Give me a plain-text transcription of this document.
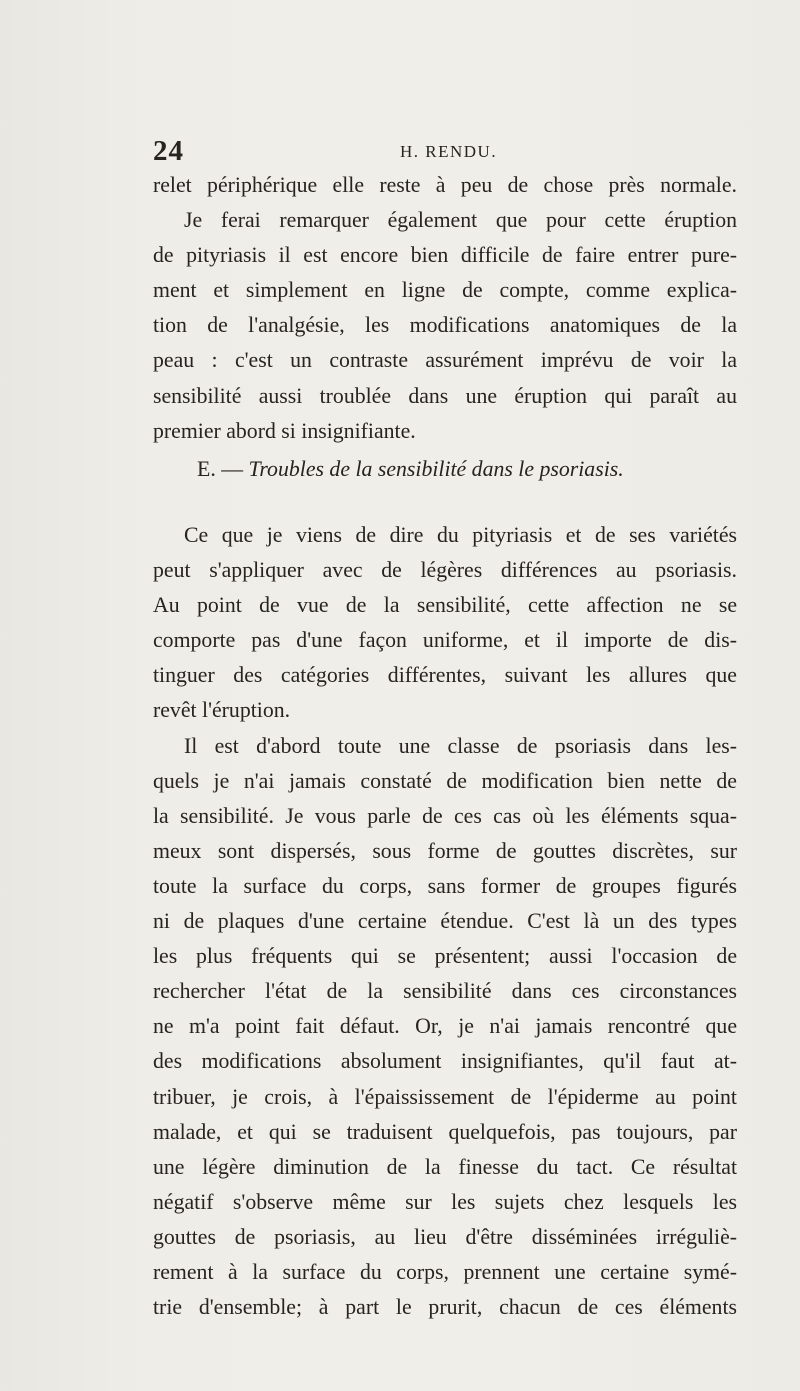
24	H. RENDU.
relet périphérique elle reste à peu de chose près normale.
Je ferai remarquer également que pour cette éruption
de pityriasis il est encore bien difficile de faire entrer pure-
ment et simplement en ligne de compte, comme explica-
tion de l'analgésie, les modifications anatomiques de la
peau : c'est un contraste assurément imprévu de voir la
sensibilité aussi troublée dans une éruption qui paraît au
premier abord si insignifiante.
E. — Troubles de la sensibilité dans le psoriasis.
Ce que je viens de dire du pityriasis et de ses variétés
peut s'appliquer avec de légères différences au psoriasis.
Au point de vue de la sensibilité, cette affection ne se
comporte pas d'une façon uniforme, et il importe de dis-
tinguer des catégories différentes, suivant les allures que
revêt l'éruption.
Il est d'abord toute une classe de psoriasis dans les-
quels je n'ai jamais constaté de modification bien nette de
la sensibilité. Je vous parle de ces cas où les éléments squa-
meux sont dispersés, sous forme de gouttes discrètes, sur
toute la surface du corps, sans former de groupes figurés
ni de plaques d'une certaine étendue. C'est là un des types
les plus fréquents qui se présentent; aussi l'occasion de
rechercher l'état de la sensibilité dans ces circonstances
ne m'a point fait défaut. Or, je n'ai jamais rencontré que
des modifications absolument insignifiantes, qu'il faut at-
tribuer, je crois, à l'épaississement de l'épiderme au point
malade, et qui se traduisent quelquefois, pas toujours, par
une légère diminution de la finesse du tact. Ce résultat
négatif s'observe même sur les sujets chez lesquels les
gouttes de psoriasis, au lieu d'être disséminées irréguliè-
rement à la surface du corps, prennent une certaine symé-
trie d'ensemble; à part le prurit, chacun de ces éléments
